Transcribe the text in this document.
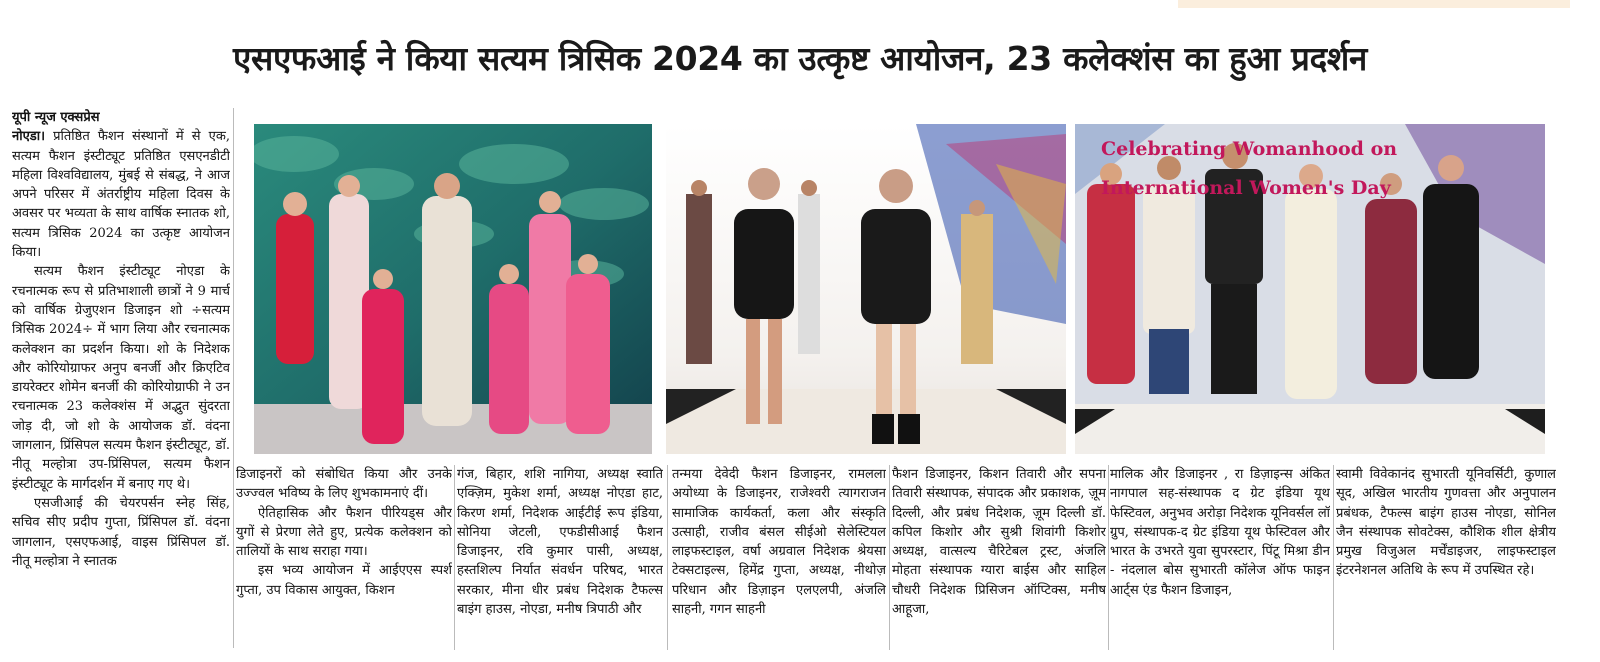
एसएफआई ने किया सत्यम त्रिसिक 2024 का उत्कृष्ट आयोजन, 23 कलेक्शंस का हुआ प्रदर्शन
यूपी न्यूज एक्सप्रेस

नोएडा। प्रतिष्ठित फैशन संस्थानों में से एक, सत्यम फैशन इंस्टीट्यूट प्रतिष्ठित एसएनडीटी महिला विश्वविद्यालय, मुंबई से संबद्ध, ने आज अपने परिसर में अंतर्राष्ट्रीय महिला दिवस के अवसर पर भव्यता के साथ वार्षिक स्नातक शो, सत्यम त्रिसिक 2024 का उत्कृष्ट आयोजन किया।

सत्यम फैशन इंस्टीट्यूट नोएडा के रचनात्मक रूप से प्रतिभाशाली छात्रों ने 9 मार्च को वार्षिक ग्रेजुएशन डिजाइन शो ÷सत्यम त्रिसिक 2024÷ में भाग लिया और रचनात्मक कलेक्शन का प्रदर्शन किया। शो के निदेशक और कोरियोग्राफर अनुप बनर्जी और क्रिएटिव डायरेक्टर शोमेन बनर्जी की कोरियोग्राफी ने उन रचनात्मक 23 कलेक्शंस में अद्भुत सुंदरता जोड़ दी, जो शो के आयोजक डॉ. वंदना जागलान, प्रिंसिपल सत्यम फैशन इंस्टीट्यूट, डॉ. नीतू मल्होत्रा उप-प्रिंसिपल, सत्यम फैशन इंस्टीट्यूट के मार्गदर्शन में बनाए गए थे।

एसजीआई की चेयरपर्सन स्नेह सिंह, सचिव सीए प्रदीप गुप्ता, प्रिंसिपल डॉ. वंदना जागलान, एसएफआई, वाइस प्रिंसिपल डॉ. नीतू मल्होत्रा ने स्नातक

Celebrating Womanhood on
International Women's Day

डिजाइनरों को संबोधित किया और उनके उज्ज्वल भविष्य के लिए शुभकामनाएं दीं।

ऐतिहासिक और फैशन पीरियड्स और युगों से प्रेरणा लेते हुए, प्रत्येक कलेक्शन को तालियों के साथ सराहा गया।

इस भव्य आयोजन में आईएएस स्पर्श गुप्ता, उप विकास आयुक्त, किशन

गंज, बिहार, शशि नागिया, अध्यक्ष स्वाति एक्ज़िम, मुकेश शर्मा, अध्यक्ष नोएडा हाट, किरण शर्मा, निदेशक आईटीई रूप इंडिया, सोनिया जेटली, एफडीसीआई फैशन डिजाइनर, रवि कुमार पासी, अध्यक्ष, हस्तशिल्प निर्यात संवर्धन परिषद, भारत सरकार, मीना धीर प्रबंध निदेशक टैफल्स बाइंग हाउस, नोएडा, मनीष त्रिपाठी और

तन्मया देवेदी फैशन डिजाइनर, रामलला अयोध्या के डिजाइनर, राजेश्वरी त्यागराजन सामाजिक कार्यकर्ता, कला और संस्कृति उत्साही, राजीव बंसल सीईओ सेलेस्टियल लाइफस्टाइल, वर्षा अग्रवाल निदेशक श्रेयसा टेक्सटाइल्स, हिमेंद्र गुप्ता, अध्यक्ष, नीथोज़ परिधान और डिज़ाइन एलएलपी, अंजलि साहनी, गगन साहनी

फैशन डिजाइनर, किशन तिवारी और सपना तिवारी संस्थापक, संपादक और प्रकाशक, ज़ूम दिल्ली, और प्रबंध निदेशक, ज़ूम दिल्ली डॉ. कपिल किशोर और सुश्री शिवांगी किशोर अध्यक्ष, वात्सल्य चैरिटेबल ट्रस्ट, अंजलि मोहता संस्थापक ग्यारा बाईस और साहिल चौधरी निदेशक प्रिसिजन ऑप्टिक्स, मनीष आहूजा,

मालिक और डिजाइनर , रा डिज़ाइन्स अंकित नागपाल सह-संस्थापक द ग्रेट इंडिया यूथ फेस्टिवल, अनुभव अरोड़ा निदेशक यूनिवर्सल लॉ ग्रुप, संस्थापक-द ग्रेट इंडिया यूथ फेस्टिवल और भारत के उभरते युवा सुपरस्टार, पिंटू मिश्रा डीन - नंदलाल बोस सुभारती कॉलेज ऑफ फाइन आर्ट्स एंड फैशन डिजाइन,

स्वामी विवेकानंद सुभारती यूनिवर्सिटी, कुणाल सूद, अखिल भारतीय गुणवत्ता और अनुपालन प्रबंधक, टैफल्स बाइंग हाउस नोएडा, सोनिल जैन संस्थापक सोवटेक्स, कौशिक शील क्षेत्रीय प्रमुख विजुअल मर्चेंडाइजर, लाइफस्टाइल इंटरनेशनल अतिथि के रूप में उपस्थित रहे।
